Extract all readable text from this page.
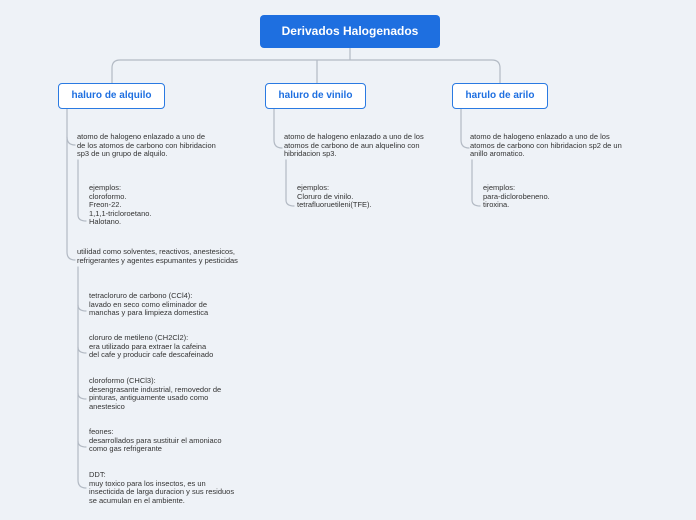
Derivados Halogenados
haluro de alquilo
atomo de halogeno enlazado a uno de
de los atomos de carbono con hibridacion
sp3 de un grupo de alquilo.
ejemplos:
cloroformo.
Freon-22.
1,1,1-tricloroetano.
Halotano.
utilidad como solventes, reactivos, anestesicos,
refrigerantes y agentes espumantes y pesticidas
tetracloruro de carbono (CCl4):
lavado en seco como eliminador de
manchas y para limpieza domestica
cloruro de metileno (CH2Cl2):
era utilizado para extraer la cafeina
del cafe y producir cafe descafeinado
cloroformo (CHCl3):
desengrasante industrial, removedor de
pinturas, antiguamente usado como
anestesico
feones:
desarrollados para sustituir el amoniaco
como gas refrigerante
DDT:
muy toxico para los insectos, es un
insecticida de larga duracion y sus residuos
se acumulan en el ambiente.
haluro de vinilo
atomo de halogeno enlazado a uno de los
atomos de carbono de aun alquelino con
hibridacion sp3.
ejemplos:
Cloruro de vinilo.
tetrafluoruetileni(TFE).
harulo de arilo
atomo de halogeno enlazado a uno de los
atomos de carbono con hibridacion sp2 de un
anillo aromatico.
ejemplos:
para-diclorobeneno.
tiroxina.
